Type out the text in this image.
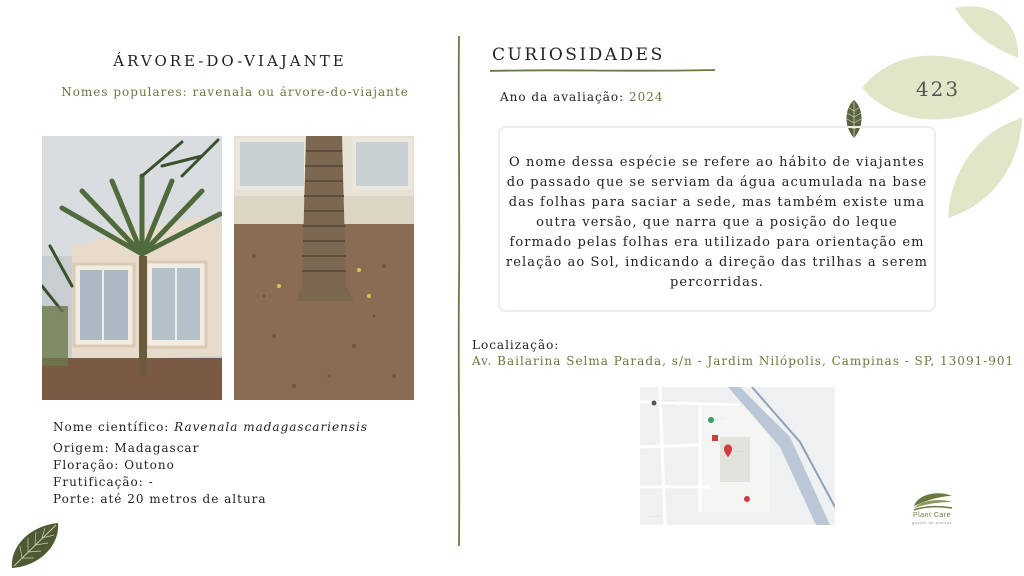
423
ÁRVORE-DO-VIAJANTE
Nomes populares: ravenala ou árvore-do-viajante
Nome científico: Ravenala madagascariensis
Origem: Madagascar
Floração: Outono
Frutificação: -
Porte: até 20 metros de altura
CURIOSIDADES
Ano da avaliação: 2024

O nome dessa espécie se refere ao hábito de viajantes do passado que se serviam da água acumulada na base das folhas para saciar a sede, mas também existe uma outra versão, que narra que a posição do leque formado pelas folhas era utilizado para orientação em relação ao Sol, indicando a direção das trilhas a serem percorridas.

Localização:
Av. Bailarina Selma Parada, s/n - Jardim Nilópolis, Campinas - SP, 13091-901
. . . . . . . .
. . . . .
. . . . .
. . . . .	Plant Care
gestão de plantas
